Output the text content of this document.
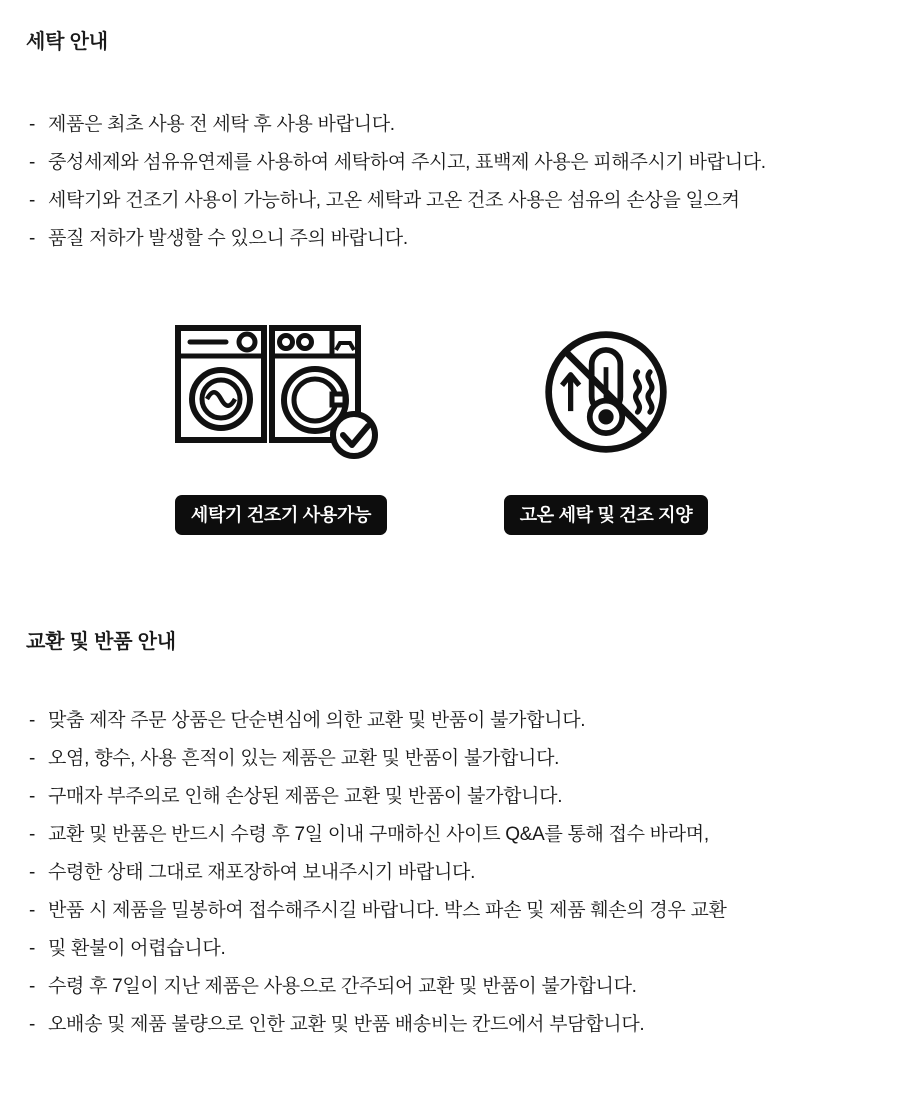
세탁 안내
- 제품은 최초 사용 전 세탁 후 사용 바랍니다.
- 중성세제와 섬유유연제를 사용하여 세탁하여 주시고, 표백제 사용은 피해주시기 바랍니다.
- 세탁기와 건조기 사용이 가능하나, 고온 세탁과 고온 건조 사용은 섬유의 손상을 일으켜
- 품질 저하가 발생할 수 있으니 주의 바랍니다.
세탁기 건조기 사용가능	고온 세탁 및 건조 지양
교환 및 반품 안내
- 맞춤 제작 주문 상품은 단순변심에 의한 교환 및 반품이 불가합니다.
- 오염, 향수, 사용 흔적이 있는 제품은 교환 및 반품이 불가합니다.
- 구매자 부주의로 인해 손상된 제품은 교환 및 반품이 불가합니다.
- 교환 및 반품은 반드시 수령 후 7일 이내 구매하신 사이트 Q&A를 통해 접수 바라며,
- 수령한 상태 그대로 재포장하여 보내주시기 바랍니다.
- 반품 시 제품을 밀봉하여 접수해주시길 바랍니다. 박스 파손 및 제품 훼손의 경우 교환
- 및 환불이 어렵습니다.
- 수령 후 7일이 지난 제품은 사용으로 간주되어 교환 및 반품이 불가합니다.
- 오배송 및 제품 불량으로 인한 교환 및 반품 배송비는 칸드에서 부담합니다.
